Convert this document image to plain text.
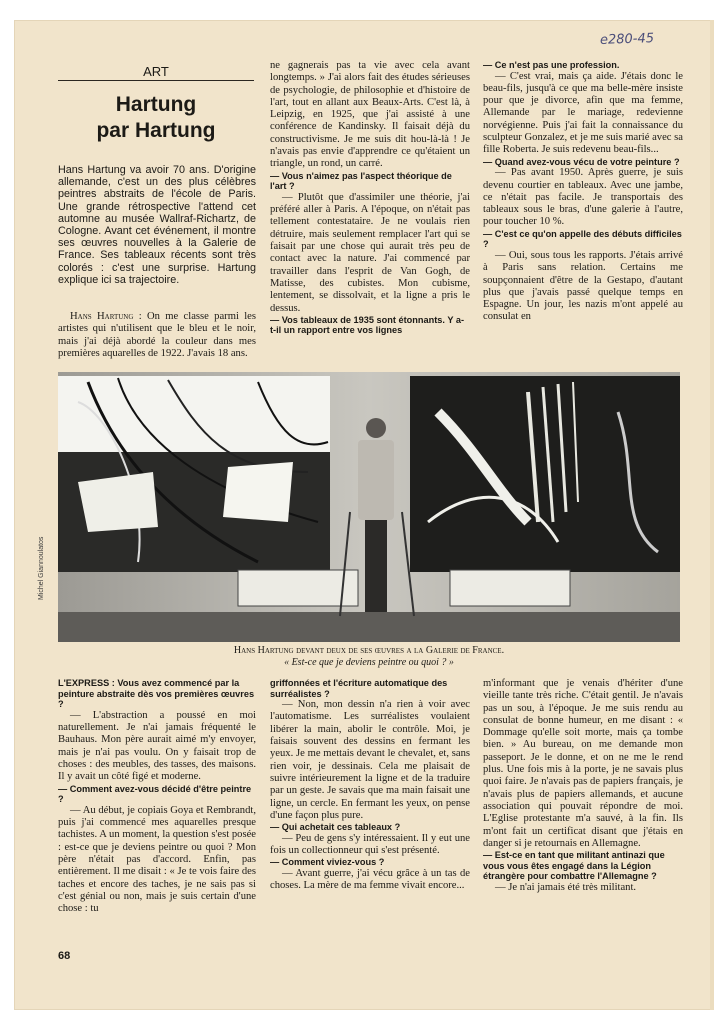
e280-45
ART
Hartung
par Hartung
Hans Hartung va avoir 70 ans. D'origine allemande, c'est un des plus célèbres peintres abstraits de l'école de Paris. Une grande rétrospective l'attend cet automne au musée Wallraf-Richartz, de Cologne. Avant cet événement, il montre ses œuvres nouvelles à la Galerie de France. Ses tableaux récents sont très colorés : c'est une surprise. Hartung explique ici sa trajectoire.

Hans Hartung : On me classe parmi les artistes qui n'utilisent que le bleu et le noir, mais j'ai déjà abordé la couleur dans mes premières aquarelles de 1922. J'avais 18 ans.

ne gagnerais pas ta vie avec cela avant longtemps. » J'ai alors fait des études sérieuses de psychologie, de philosophie et d'histoire de l'art, tout en allant aux Beaux-Arts. C'est là, à Leipzig, en 1925, que j'ai assisté à une conférence de Kandinsky. Il faisait déjà du constructivisme. Je me suis dit hou-là-là ! Je n'avais pas envie d'apprendre ce qu'étaient un triangle, un rond, un carré.

— Vous n'aimez pas l'aspect théorique de l'art ?

— Plutôt que d'assimiler une théorie, j'ai préféré aller à Paris. A l'époque, on n'était pas tellement contestataire. Je ne voulais rien détruire, mais seulement remplacer l'art qui se faisait par une chose qui aurait très peu de contact avec la nature. J'ai commencé par travailler dans l'esprit de Van Gogh, de Matisse, des cubistes. Mon cubisme, lentement, se dissolvait, et la ligne a pris le dessus.

— Vos tableaux de 1935 sont étonnants. Y a-t-il un rapport entre vos lignes

— Ce n'est pas une profession.

— C'est vrai, mais ça aide. J'étais donc le beau-fils, jusqu'à ce que ma belle-mère insiste pour que je divorce, afin que ma femme, Allemande par le mariage, redevienne norvégienne. Puis j'ai fait la connaissance du sculpteur Gonzalez, et je me suis marié avec sa fille Roberta. Je suis redevenu beau-fils...

— Quand avez-vous vécu de votre peinture ?

— Pas avant 1950. Après guerre, je suis devenu courtier en tableaux. Avec une jambe, ce n'était pas facile. Je transportais des tableaux sous le bras, d'une galerie à l'autre, pour toucher 10 %.

— C'est ce qu'on appelle des débuts difficiles ?

— Oui, sous tous les rapports. J'étais arrivé à Paris sans relation. Certains me soupçonnaient d'être de la Gestapo, d'autant plus que j'avais passé quelque temps en Espagne. Un jour, les nazis m'ont appelé au consulat en

Michel Giannoulatos
Hans Hartung devant deux de ses œuvres a la Galerie de France.
« Est-ce que je deviens peintre ou quoi ? »

L'EXPRESS : Vous avez commencé par la peinture abstraite dès vos premières œuvres ?

— L'abstraction a poussé en moi naturellement. Je n'ai jamais fréquenté le Bauhaus. Mon père aurait aimé m'y envoyer, mais je n'ai pas voulu. On y faisait trop de choses : des meubles, des tasses, des maisons. Il y avait un côté figé et moderne.

— Comment avez-vous décidé d'être peintre ?

— Au début, je copiais Goya et Rembrandt, puis j'ai commencé mes aquarelles presque tachistes. A un moment, la question s'est posée : est-ce que je deviens peintre ou quoi ? Mon père n'était pas d'accord. Enfin, pas entièrement. Il me disait : « Je te vois faire des taches et encore des taches, je ne sais pas si c'est génial ou non, mais je suis certain d'une chose : tu

griffonnées et l'écriture automatique des surréalistes ?

— Non, mon dessin n'a rien à voir avec l'automatisme. Les surréalistes voulaient libérer la main, abolir le contrôle. Moi, je faisais souvent des dessins en fermant les yeux. Je me mettais devant le chevalet, et, sans rien voir, je dessinais. Cela me plaisait de suivre intérieurement la ligne et de la traduire par un geste. Je savais que ma main faisait une ligne, un cercle. En fermant les yeux, on pense d'une façon plus pure.

— Qui achetait ces tableaux ?

— Peu de gens s'y intéressaient. Il y eut une fois un collectionneur qui s'est présenté.

— Comment viviez-vous ?

— Avant guerre, j'ai vécu grâce à un tas de choses. La mère de ma femme vivait encore...

m'informant que je venais d'hériter d'une vieille tante très riche. C'était gentil. Je n'avais pas un sou, à l'époque. Je me suis rendu au consulat de bonne humeur, en me disant : « Dommage qu'elle soit morte, mais ça tombe bien. » Au bureau, on me demande mon passeport. Je le donne, et on ne me le rend plus. Une fois mis à la porte, je ne savais plus quoi faire. Je n'avais pas de papiers français, je n'avais plus de papiers allemands, et aucune association qui pouvait répondre de moi. L'Eglise protestante m'a sauvé, à la fin. Ils m'ont fait un certificat disant que j'étais en danger si je retournais en Allemagne.

— Est-ce en tant que militant antinazi que vous vous êtes engagé dans la Légion étrangère pour combattre l'Allemagne ?

— Je n'ai jamais été très militant.

68
